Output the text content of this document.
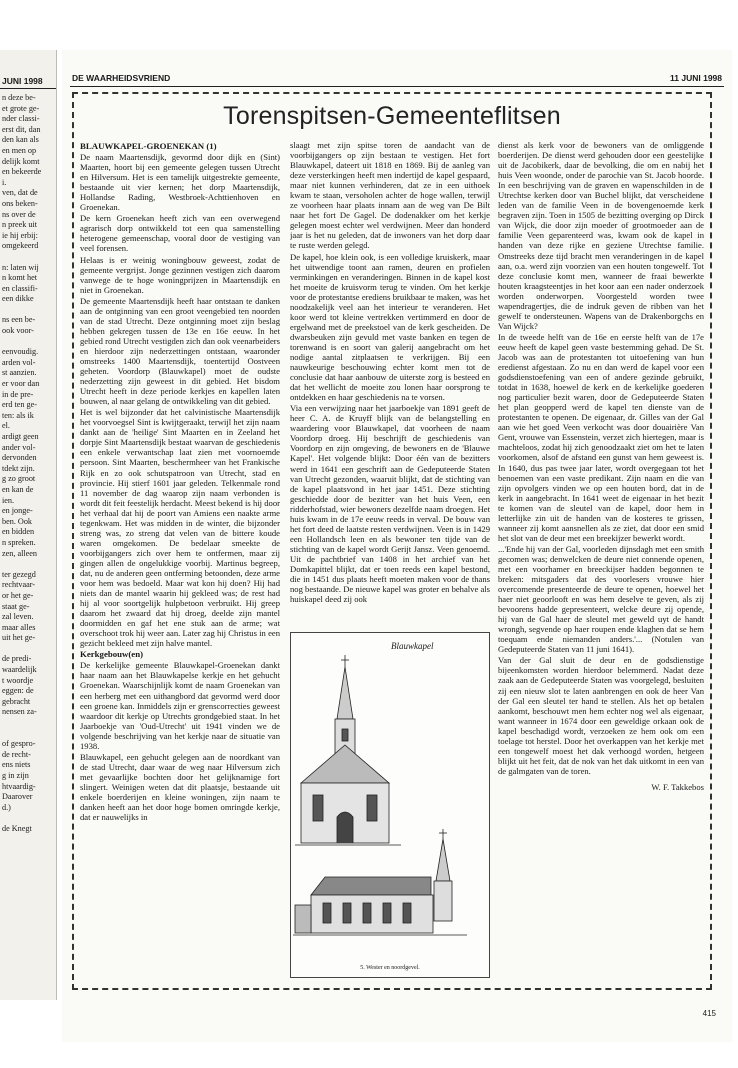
JUNI 1998
n deze be-
et grote ge-
nder classi-
erst dit, dan
den kan als
en men op
delijk komt
en bekeerde
i.
ven, dat de
ons beken-
ns over de
n preek uit
ie hij erbij:
omgekeerd
n: laten wij
n komt het
en classifi-
een dikke
ns een be-
ook voor-
eenvoudig.
arden vol-
st aanzien.
er voor dan
in de pre-
erd ten ge-
ten: als ik
el.
ardigt geen
ander vol-
dervonden
tdekt zijn.
g zo groot
en kan de
ien.
en jonge-
ben. Ook
en bidden
n spreken.
zen, alleen
ter gezegd
rechtvaar-
or het ge-
staat ge-
zal leven.
maar alles
uit het ge-
de predi-
waardelijk
t woordje
eggen: de
gebracht
nensen za-
of gespro-
de recht-
ens niets
g in zijn
htvaardig-
Daarover
d.)
de Knegt
DE WAARHEIDSVRIEND	11 JUNI 1998
Torenspitsen-Gemeenteflitsen
BLAUWKAPEL-GROENEKAN (1)

De naam Maartensdijk, gevormd door dijk en (Sint) Maarten, hoort bij een gemeente gelegen tussen Utrecht en Hilversum. Het is een tamelijk uitgestrekte gemeente, bestaande uit vier kernen; het dorp Maartensdijk, Hollandse Rading, Westbroek-Achttienhoven en Groenekan.

De kern Groenekan heeft zich van een overwegend agrarisch dorp ontwikkeld tot een qua samenstelling heterogene gemeenschap, vooral door de vestiging van veel forensen.

Helaas is er weinig woningbouw geweest, zodat de gemeente vergrijst. Jonge gezinnen vestigen zich daarom vanwege de te hoge woningprijzen in Maartensdijk en niet in Groenekan.

De gemeente Maartensdijk heeft haar ontstaan te danken aan de ontginning van een groot veengebied ten noorden van de stad Utrecht. Deze ontginning moet zijn beslag hebben gekregen tussen de 13e en 16e eeuw. In het gebied rond Utrecht vestigden zich dan ook veenarbeiders en hierdoor zijn nederzettingen ontstaan, waaronder omstreeks 1400 Maartensdijk, toentertijd Oostveen geheten. Voordorp (Blauwkapel) moet de oudste nederzetting zijn geweest in dit gebied. Het bisdom Utrecht heeft in deze periode kerkjes en kapellen laten bouwen, al naar gelang de ontwikkeling van dit gebied.

Het is wel bijzonder dat het calvinistische Maartensdijk het voorvoegsel Sint is kwijtgeraakt, terwijl het zijn naam dankt aan de 'heilige' Sint Maarten en in Zeeland het dorpje Sint Maartensdijk bestaat waarvan de geschiedenis een enkele verwantschap laat zien met voornoemde persoon. Sint Maarten, beschermheer van het Frankische Rijk en zo ook schutspatroon van Utrecht, stad en provincie. Hij stierf 1601 jaar geleden. Telkenmale rond 11 november de dag waarop zijn naam verbonden is wordt dit feit feestelijk herdacht. Meest bekend is hij door het verhaal dat hij de poort van Amiens een naakte arme tegenkwam. Het was midden in de winter, die bijzonder streng was, zo streng dat velen van de bittere koude waren omgekomen. De bedelaar smeekte de voorbijgangers zich over hem te ontfermen, maar zij gingen allen de ongelukkige voorbij. Martinus begreep, dat, nu de anderen geen ontferming betoonden, deze arme voor hem was bedoeld. Maar wat kon hij doen? Hij had niets dan de mantel waarin hij gekleed was; de rest had hij al voor soortgelijk hulpbetoon verbruikt. Hij greep daarom het zwaard dat hij droeg, deelde zijn mantel doormidden en gaf het ene stuk aan de arme; wat overschoot trok hij weer aan. Later zag hij Christus in een gezicht bekleed met zijn halve mantel.

Kerkgebouw(en)

De kerkelijke gemeente Blauwkapel-Groenekan dankt haar naam aan het Blauwkapelse kerkje en het gehucht Groenekan. Waarschijnlijk komt de naam Groenekan van een herberg met een uithangbord dat gevormd werd door een groene kan. Inmiddels zijn er grenscorrecties geweest waardoor dit kerkje op Utrechts grondgebied staat. In het Jaarboekje van 'Oud-Utrecht' uit 1941 vinden we de volgende beschrijving van het kerkje naar de situatie van 1938.

Blauwkapel, een gehucht gelegen aan de noordkant van de stad Utrecht, daar waar de weg naar Hilversum zich met gevaarlijke bochten door het gelijknamige fort slingert. Weinigen weten dat dit plaatsje, bestaande uit enkele boerderijen en kleine woningen, zijn naam te danken heeft aan het door hoge bomen omringde kerkje, dat er nauwelijks in

slaagt met zijn spitse toren de aandacht van de voorbijgangers op zijn bestaan te vestigen. Het fort Blauwkapel, dateert uit 1818 en 1869. Bij de aanleg van deze versterkingen heeft men indertijd de kapel gespaard, maar niet kunnen verhinderen, dat ze in een uithoek kwam te staan, versoholen achter de hoge wallen, terwijl ze voorheen haar plaats innam aan de weg van De Bilt naar het fort De Gagel. De dodenakker om het kerkje gelegen moest echter wel verdwijnen. Meer dan honderd jaar is het nu geleden, dat de inwoners van het dorp daar te ruste werden gelegd.

De kapel, hoe klein ook, is een volledige kruiskerk, maar het uitwendige toont aan ramen, deuren en profielen verminkingen en veranderingen. Binnen in de kapel kost het moeite de kruisvorm terug te vinden. Om het kerkje voor de protestantse erediens bruikbaar te maken, was het noodzakelijk veel aan het interieur te veranderen. Het koor werd tot kleine vertrekken vertimmerd en door de ergelwand met de preekstoel van de kerk gescheiden. De dwarsbeuken zijn gevuld met vaste banken en tegen de torenwand is en soort van galerij aangebracht om het nodige aantal zitplaatsen te verkrijgen. Bij een nauwkeurige beschouwing echter komt men tot de conclusie dat haar aanbouw de uiterste zorg is besteed en dat het wellicht de moeite zou lonen haar oorsprong te ontdekken en haar geschiedenis na te vorsen.

Via een verwijzing naar het jaarboekje van 1891 geeft de heer C. A. de Kruyff blijk van de belangstelling en waardering voor Blauwkapel, dat voorheen de naam Voordorp droeg. Hij beschrijft de geschiedenis van Voordorp en zijn omgeving, de bewoners en de 'Blauwe Kapel'. Het volgende blijkt: Door één van de bezitters werd in 1641 een geschrift aan de Gedeputeerde Staten van Utrecht gezonden, waaruit blijkt, dat de stichting van de kapel plaatsvond in het jaar 1451. Deze stichting geschiedde door de bezitter van het huis Veen, een ridderhofstad, wier bewoners dezelfde naam droegen. Het huis kwam in de 17e eeuw reeds in verval. De bouw van het fort deed de laatste resten verdwijnen. Veen is in 1429 een Hollandsch leen en als bewoner ten tijde van de stichting van de kapel wordt Gerijt Jansz. Veen genoemd. Uit de pachtbrief van 1408 in het archief van het Domkapittel blijkt, dat er toen reeds een kapel bestond, die in 1451 dus plaats heeft moeten maken voor de thans nog bestaande. De nieuwe kapel was groter en behalve als huiskapel deed zij ook

Blauwkapel
5. Wester en noordgevel.

dienst als kerk voor de bewoners van de omliggende boerderijen. De dienst werd gehouden door een geestelijke uit de Jacobikerk, daar de bevolking, die om en nabij het huis Veen woonde, onder de parochie van St. Jacob hoorde. In een beschrijving van de graven en wapenschilden in de Utrechtse kerken door van Buchel blijkt, dat verscheidene leden van de familie Veen in de bovengenoemde kerk begraven zijn. Toen in 1505 de bezitting overging op Dirck van Wijck, die door zijn moeder of grootmoeder aan de familie Veen geparenteerd was, kwam ook de kapel in handen van deze rijke en gezienе Utrechtse familie. Omstreeks deze tijd bracht men veranderingen in de kapel aan, o.a. werd zijn voorzien van een houten tongewelf. Tot deze conclusie komt men, wanneer de fraai bewerkte houten kraagsteentjes in het koor aan een nader onderzoek worden onderworpen. Voorgesteld worden twee wapendragertjes, die de indruk geven de ribben van het gewelf te ondersteunen. Wapens van de Drakenborgchs en Van Wijck?

In de tweede helft van de 16e en eerste helft van de 17e eeuw heeft de kapel geen vaste bestemming gehad. De St. Jacob was aan de protestanten tot uitoefening van hun eredienst afgestaan. Zo nu en dan werd de kapel voor een godsdienstoefening van een of andere gezinde gebruikt, totdat in 1638, hoewel de kerk en de kerkelijke goederen nog particulier bezit waren, door de Gedeputeerde Staten het plan geopperd werd de kapel ten dienste van de protestanten te openen. De eigenaar, dr. Gilles van der Gal aan wie het goed Veen verkocht was door douairière Van Gent, vrouwe van Essenstein, verzet zich hiertegen, maar is machteloos, zodat hij zich genoodzaakt ziet om het te laten voorkomen, alsof de afstand een gunst van hem geweest is. In 1640, dus pas twee jaar later, wordt overgegaan tot het benoemen van een vaste predikant. Zijn naam en die van zijn opvolgers vinden we op een houten bord, dat in de kerk in aangebracht. In 1641 weet de eigenaar in het bezit te komen van de sleutel van de kapel, door hem in letterlijke zin uit de handen van de kosteres te grissen, wanneer zij komt aansnellen als ze ziet, dat door een smid het slot van de deur met een breekijzer bewerkt wordt.

...'Ende hij van der Gal, voorleden dijnsdagh met een smith gecomen was; denwelcken de deure niet connende openen, met een voorhamer en breeckijser hadden begonnen te breken: mitsgaders dat des voorlesers vrouwe hier overcomende presenteerde de deure te openen, hoewel het haer niet geoorlooft en was hem deselve te geven, als zij bevoorens hadde gepresenteert, welcke deure zij opende, hij van de Gal haer de sleutel met geweld uyt de handt wrongh, segvende op haer roupen ende klaghen dat se hem toequam ende niemanden anders.'... (Notulen van Gedeputeerde Staten van 11 juni 1641).

Van der Gal sluit de deur en de godsdienstige bijeenkomsten worden hierdoor belemmerd. Nadat deze zaak aan de Gedeputeerde Staten was voorgelegd, besluiten zij een nieuw slot te laten aanbrengen en ook de heer Van der Gal een sleutel ter hand te stellen. Als het op betalen aankomt, beschouwt men hem echter nog wel als eigenaar, want wanneer in 1674 door een geweldige orkaan ook de kapel beschadigd wordt, verzoeken ze hem ook om een toelage tot herstel. Door het overkappen van het kerkje met een tongewelf moest het dak verhoogd worden, hetgeen blijkt uit het feit, dat de nok van het dak uitkomt in een van de galmgaten van de toren.

W. F. Takkebos
415
